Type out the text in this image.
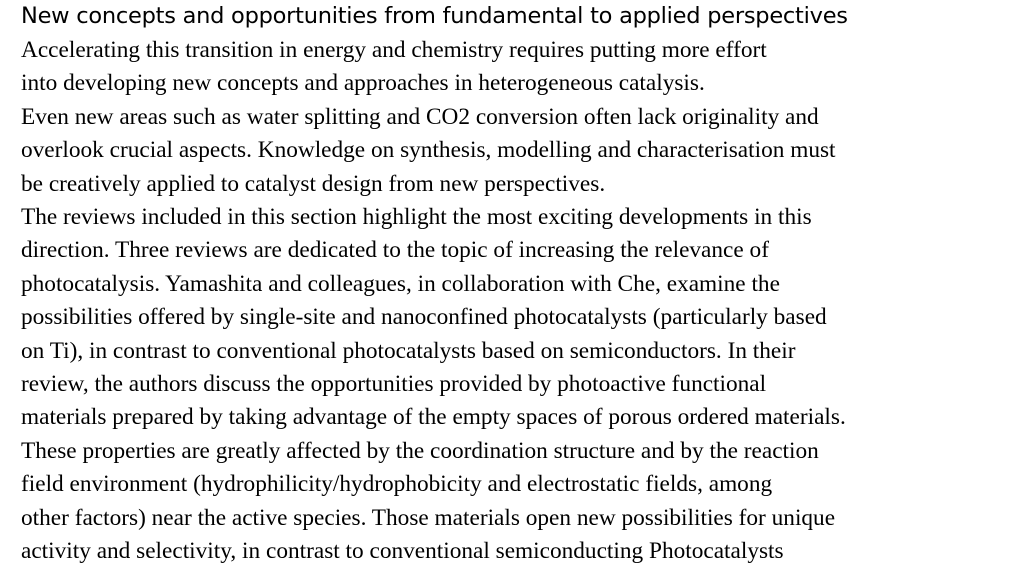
New concepts and opportunities from fundamental to applied perspectives
Accelerating this transition in energy and chemistry requires putting more effort
into developing new concepts and approaches in heterogeneous catalysis.
Even new areas such as water splitting and CO2 conversion often lack originality and
overlook crucial aspects. Knowledge on synthesis, modelling and characterisation must
be creatively applied to catalyst design from new perspectives.
The reviews included in this section highlight the most exciting developments in this
direction. Three reviews are dedicated to the topic of increasing the relevance of
photocatalysis. Yamashita and colleagues, in collaboration with Che, examine the
possibilities offered by single-site and nanoconfined photocatalysts (particularly based
on Ti), in contrast to conventional photocatalysts based on semiconductors. In their
review, the authors discuss the opportunities provided by photoactive functional
materials prepared by taking advantage of the empty spaces of porous ordered materials.
These properties are greatly affected by the coordination structure and by the reaction
field environment (hydrophilicity/hydrophobicity and electrostatic fields, among
other factors) near the active species. Those materials open new possibilities for unique
activity and selectivity, in contrast to conventional semiconducting Photocatalysts
